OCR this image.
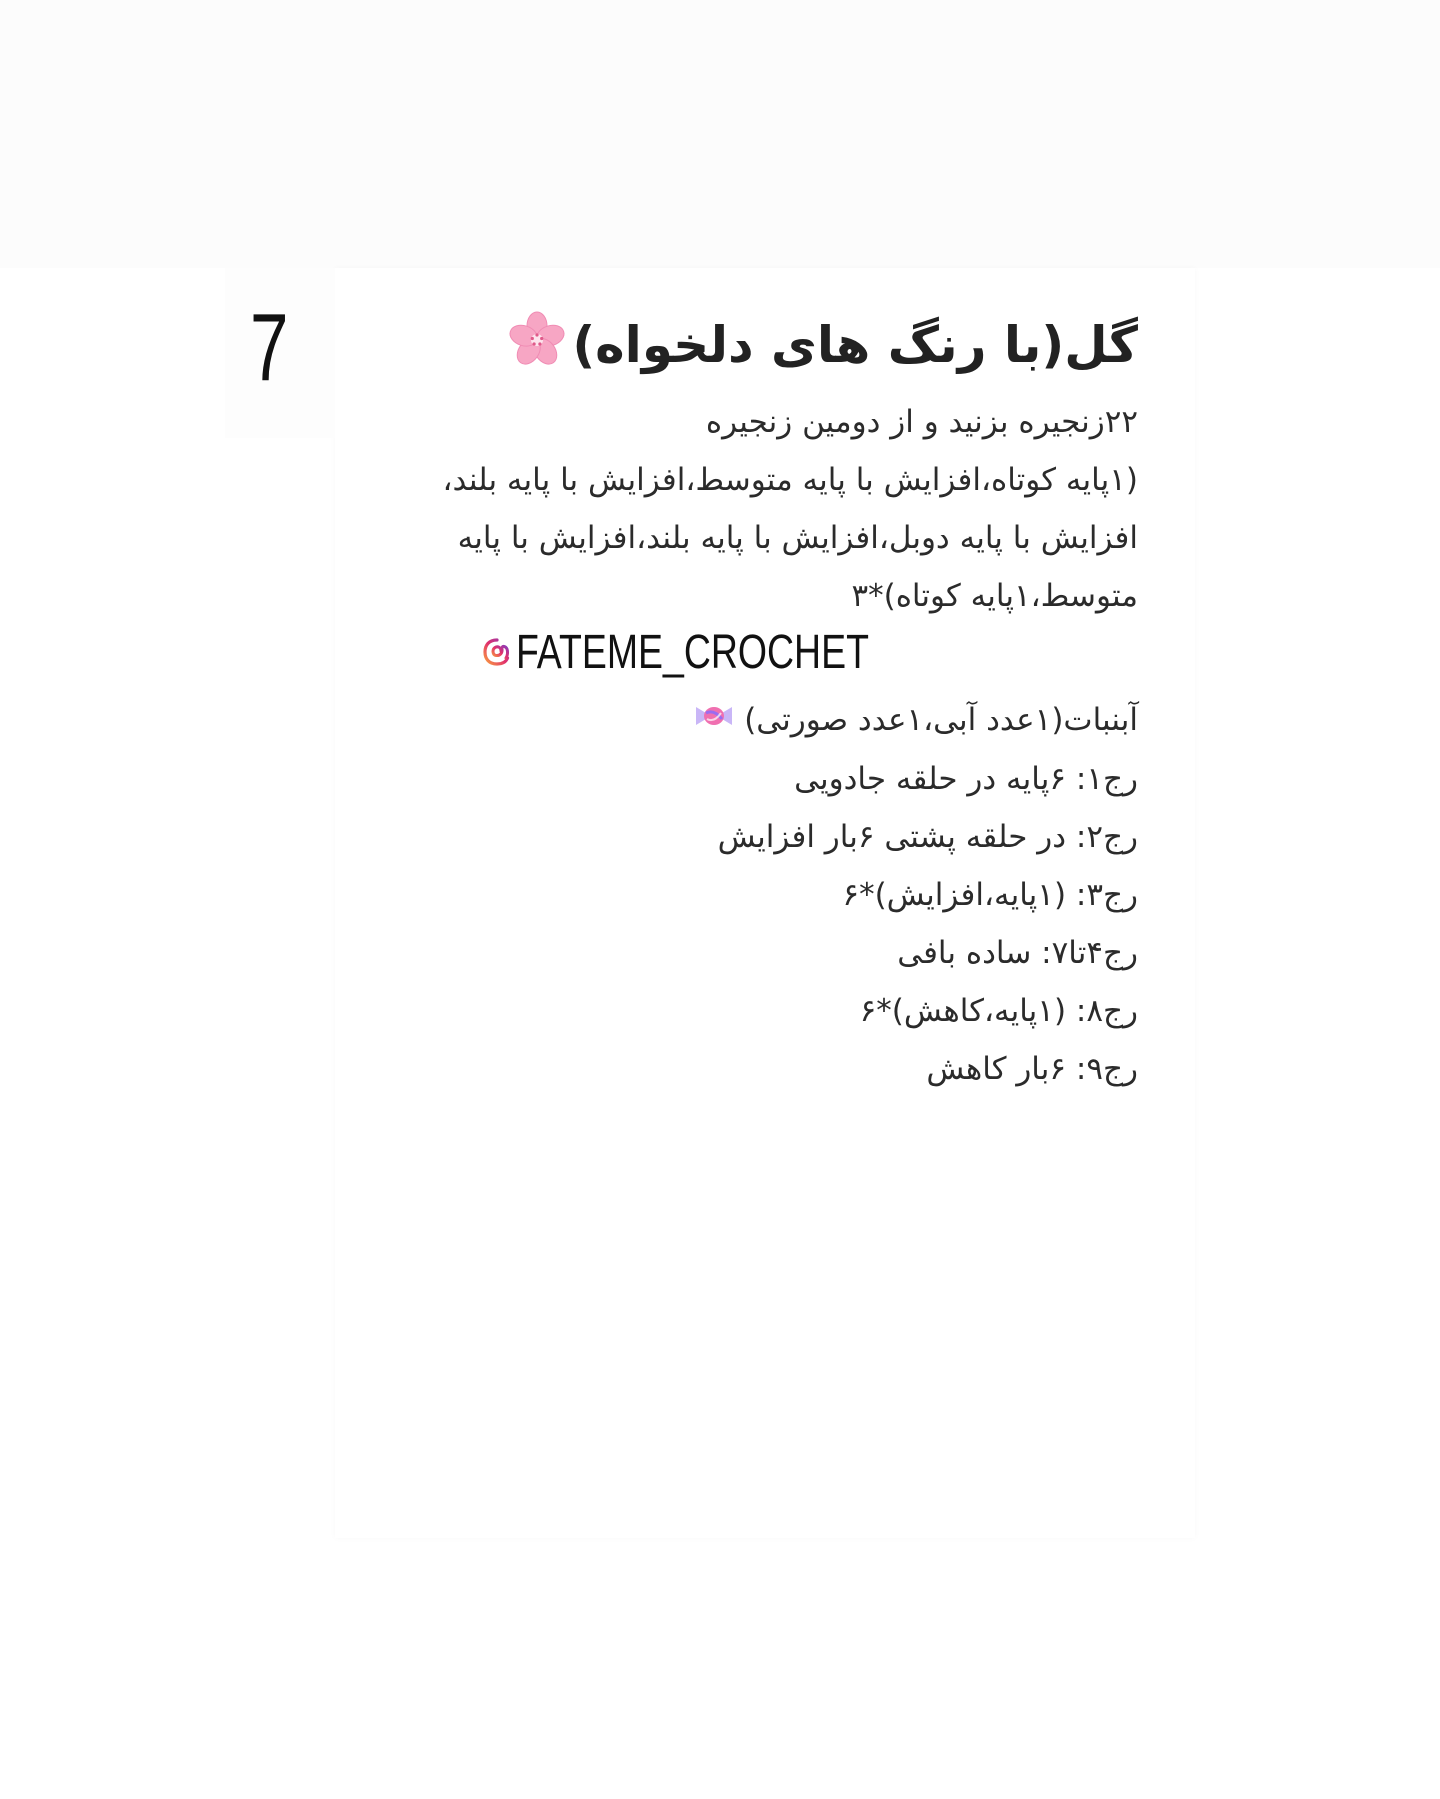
7	گل(با رنگ های دلخواه)
۲۲زنجیره بزنید و از دومین زنجیره
(۱پایه کوتاه،افزایش با پایه متوسط،افزایش با پایه بلند،
افزایش با پایه دوبل،افزایش با پایه بلند،افزایش با پایه
متوسط،۱پایه کوتاه)*۳
آبنبات(۱عدد آبی،۱عدد صورتی)
رج۱: ۶پایه در حلقه جادویی
رج۲: در حلقه پشتی ۶بار افزایش
رج۳: (۱پایه،افزایش)*۶
رج۴تا۷: ساده بافی
رج۸: (۱پایه،کاهش)*۶
رج۹: ۶بار کاهش
FATEME_CROCHET
